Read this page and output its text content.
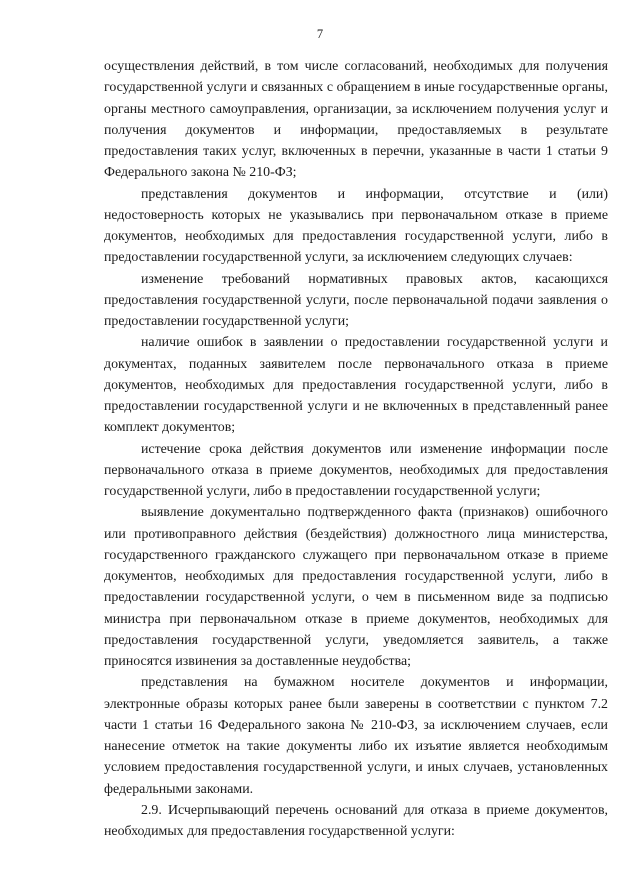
7

осуществления действий, в том числе согласований, необходимых для получения государственной услуги и связанных с обращением в иные государственные органы, органы местного самоуправления, организации, за исключением получения услуг и получения документов и информации, предоставляемых в результате предоставления таких услуг, включенных в перечни, указанные в части 1 статьи 9 Федерального закона № 210-ФЗ;

представления документов и информации, отсутствие и (или) недостоверность которых не указывались при первоначальном отказе в приеме документов, необходимых для предоставления государственной услуги, либо в предоставлении государственной услуги, за исключением следующих случаев:

изменение требований нормативных правовых актов, касающихся предоставления государственной услуги, после первоначальной подачи заявления о предоставлении государственной услуги;

наличие ошибок в заявлении о предоставлении государственной услуги и документах, поданных заявителем после первоначального отказа в приеме документов, необходимых для предоставления государственной услуги, либо в предоставлении государственной услуги и не включенных в представленный ранее комплект документов;

истечение срока действия документов или изменение информации после первоначального отказа в приеме документов, необходимых для предоставления государственной услуги, либо в предоставлении государственной услуги;

выявление документально подтвержденного факта (признаков) ошибочного или противоправного действия (бездействия) должностного лица министерства, государственного гражданского служащего при первоначальном отказе в приеме документов, необходимых для предоставления государственной услуги, либо в предоставлении государственной услуги, о чем в письменном виде за подписью министра при первоначальном отказе в приеме документов, необходимых для предоставления государственной услуги, уведомляется заявитель, а также приносятся извинения за доставленные неудобства;

представления на бумажном носителе документов и информации, электронные образы которых ранее были заверены в соответствии с пунктом 7.2 части 1 статьи 16 Федерального закона № 210-ФЗ, за исключением случаев, если нанесение отметок на такие документы либо их изъятие является необходимым условием предоставления государственной услуги, и иных случаев, установленных федеральными законами.

2.9. Исчерпывающий перечень оснований для отказа в приеме документов, необходимых для предоставления государственной услуги:
